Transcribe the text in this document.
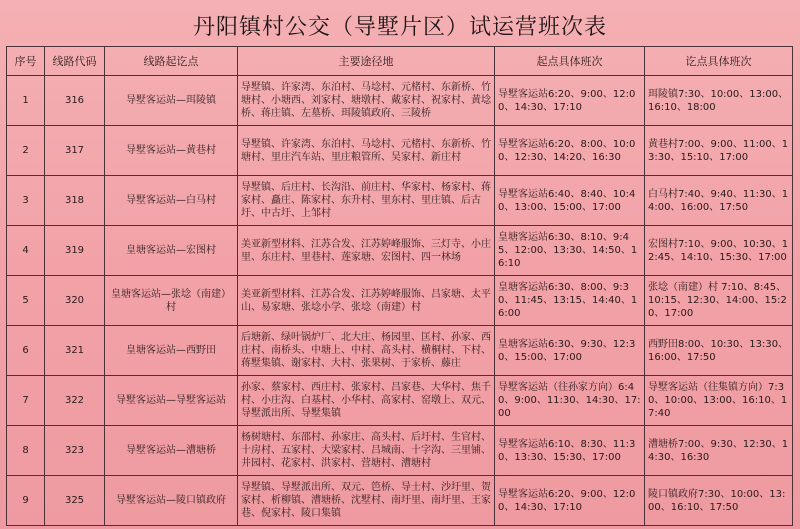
丹阳镇村公交（导墅片区）试运营班次表
序号	线路代码	线路起讫点	主要途径地	起点具体班次	讫点具体班次
1	316	导墅客运站—珥陵镇	导墅镇、许家湾、东泊村、马埝村、元楮村、东新桥、竹塘村、小塘西、刘家村、塘墩村、戴家村、祝家村、黄埝桥、蒋庄镇、左墓桥、珥陵镇政府、三陵桥	导墅客运站6:20、9:00、12:00、14:30、17:10	珥陵镇7:30、10:00、13:00、16:10、18:00
2	317	导墅客运站—黄巷村	导墅镇、许家湾、东泊村、马埝村、元楮村、东新桥、竹塘村、里庄汽车站、里庄粮管所、吴家村、新庄村	导墅客运站6:20、8:00、10:00、12:30、14:20、16:30	黄巷村7:00、9:00、11:00、13:30、15:10、17:00
3	318	导墅客运站—白马村	导墅镇、后庄村、长沟沿、前庄村、华家村、杨家村、蒋家村、矗庄、陈家村、东升村、里东村、里庄镇、后古圩、中古圩、上邹村	导墅客运站6:40、8:40、10:40、13:00、15:00、17:00	白马村7:40、9:40、11:30、14:00、16:00、17:50
4	319	皇塘客运站—宏图村	美亚新型材料、江苏合发、江苏婷峰服饰、三灯寺、小庄里、东庄村、里巷村、莲家塘、宏图村、四一林场	皇塘客运站6:30、8:10、9:45、12:00、13:30、14:50、16:10	宏图村7:10、9:00、10:30、12:45、14:10、15:30、17:00
5	320	皇塘客运站—张埝（南建）村	美亚新型材料、江苏合发、江苏婷峰服饰、吕家塘、太平山、易家塘、张埝小学、张埝（南建）村	皇塘客运站6:30、8:00、9:30、11:45、13:15、14:40、16:00	张埝（南建）村 7:10、8:45、10:15、12:30、14:00、15:20、17:00
6	321	皇塘客运站—西野田	后塘新、绿叶锅炉厂、北大庄、杨园里、匡村、孙家、西庄村、南桥头、中塘上、中村、高头村、横桐村、下村、蒋墅集镇、谢家村、大村、张果树、于家桥、藤庄	皇塘客运站6:30、9:30、12:30、15:00、17:00	西野田8:00、10:30、13:30、16:00、17:50
7	322	导墅客运站—导墅客运站	孙家、蔡家村、西庄村、张家村、吕家巷、大华村、焦千村、小庄沟、白基村、小华村、高家村、窑墩上、双元、导墅派出所、导墅集镇	导墅客运站（往孙家方向）6:40、9:00、11:30、14:30、17:00	导墅客运站（往集镇方向）7:30、10:00、13:00、16:10、17:40
8	323	导墅客运站—漕塘桥	杨树塘村、东邵村、孙家庄、高头村、后圩村、生官村、十房村、五家村、大梁家村、吕城南、十字沟、三里铺、井园村、花家村、洪家村、营塘村、漕塘村	导墅客运站6:10、8:30、11:30、13:30、15:30、17:00	漕塘桥7:00、9:30、12:30、14:30、16:30
9	325	导墅客运站—陵口镇政府	导墅镇、导墅派出所、双元、笆桥、导士村、沙圩里、贺家村、析柳镇、漕塘桥、沈墅村、南圩里、南圩里、王家巷、倪家村、陵口集镇	导墅客运站6:20、9:00、12:00、14:30、17:10	陵口镇政府7:30、10:00、13:00、16:10、17:50
